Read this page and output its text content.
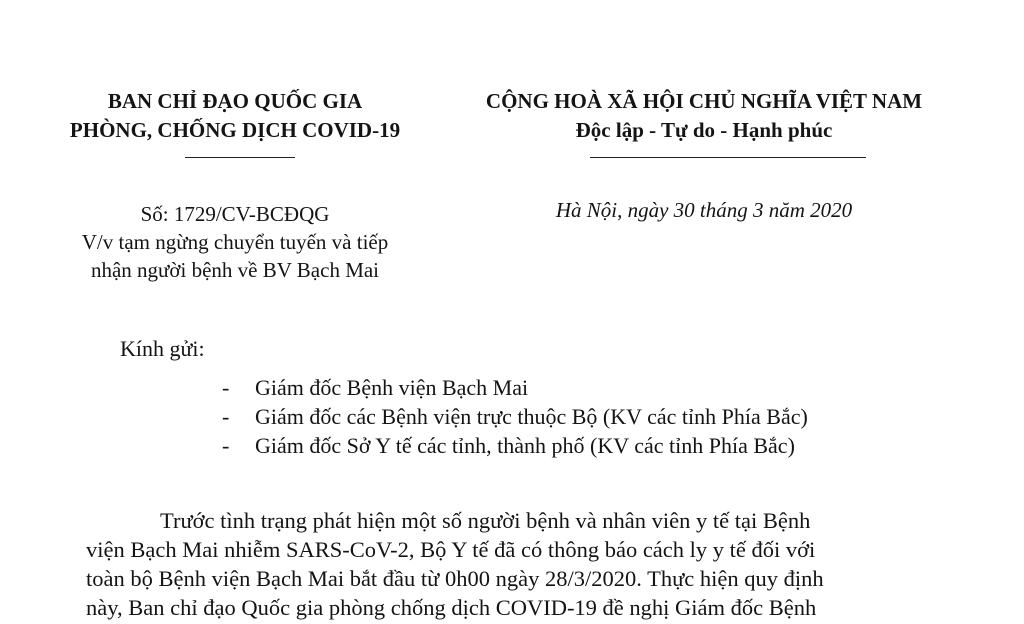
BAN CHỈ ĐẠO QUỐC GIA
PHÒNG, CHỐNG DỊCH COVID-19
CỘNG HOÀ XÃ HỘI CHỦ NGHĨA VIỆT NAM
Độc lập - Tự do - Hạnh phúc
Số: 1729/CV-BCĐQG
V/v tạm ngừng chuyển tuyến và tiếp
nhận người bệnh về BV Bạch Mai
Hà Nội, ngày 30 tháng 3 năm 2020
Kính gửi:
- Giám đốc Bệnh viện Bạch Mai
- Giám đốc các Bệnh viện trực thuộc Bộ (KV các tỉnh Phía Bắc)
- Giám đốc Sở Y tế các tỉnh, thành phố (KV các tỉnh Phía Bắc)
Trước tình trạng phát hiện một số người bệnh và nhân viên y tế tại Bệnh
viện Bạch Mai nhiễm SARS-CoV-2, Bộ Y tế đã có thông báo cách ly y tế đối với
toàn bộ Bệnh viện Bạch Mai bắt đầu từ 0h00 ngày 28/3/2020. Thực hiện quy định
này, Ban chỉ đạo Quốc gia phòng chống dịch COVID-19 đề nghị Giám đốc Bệnh
